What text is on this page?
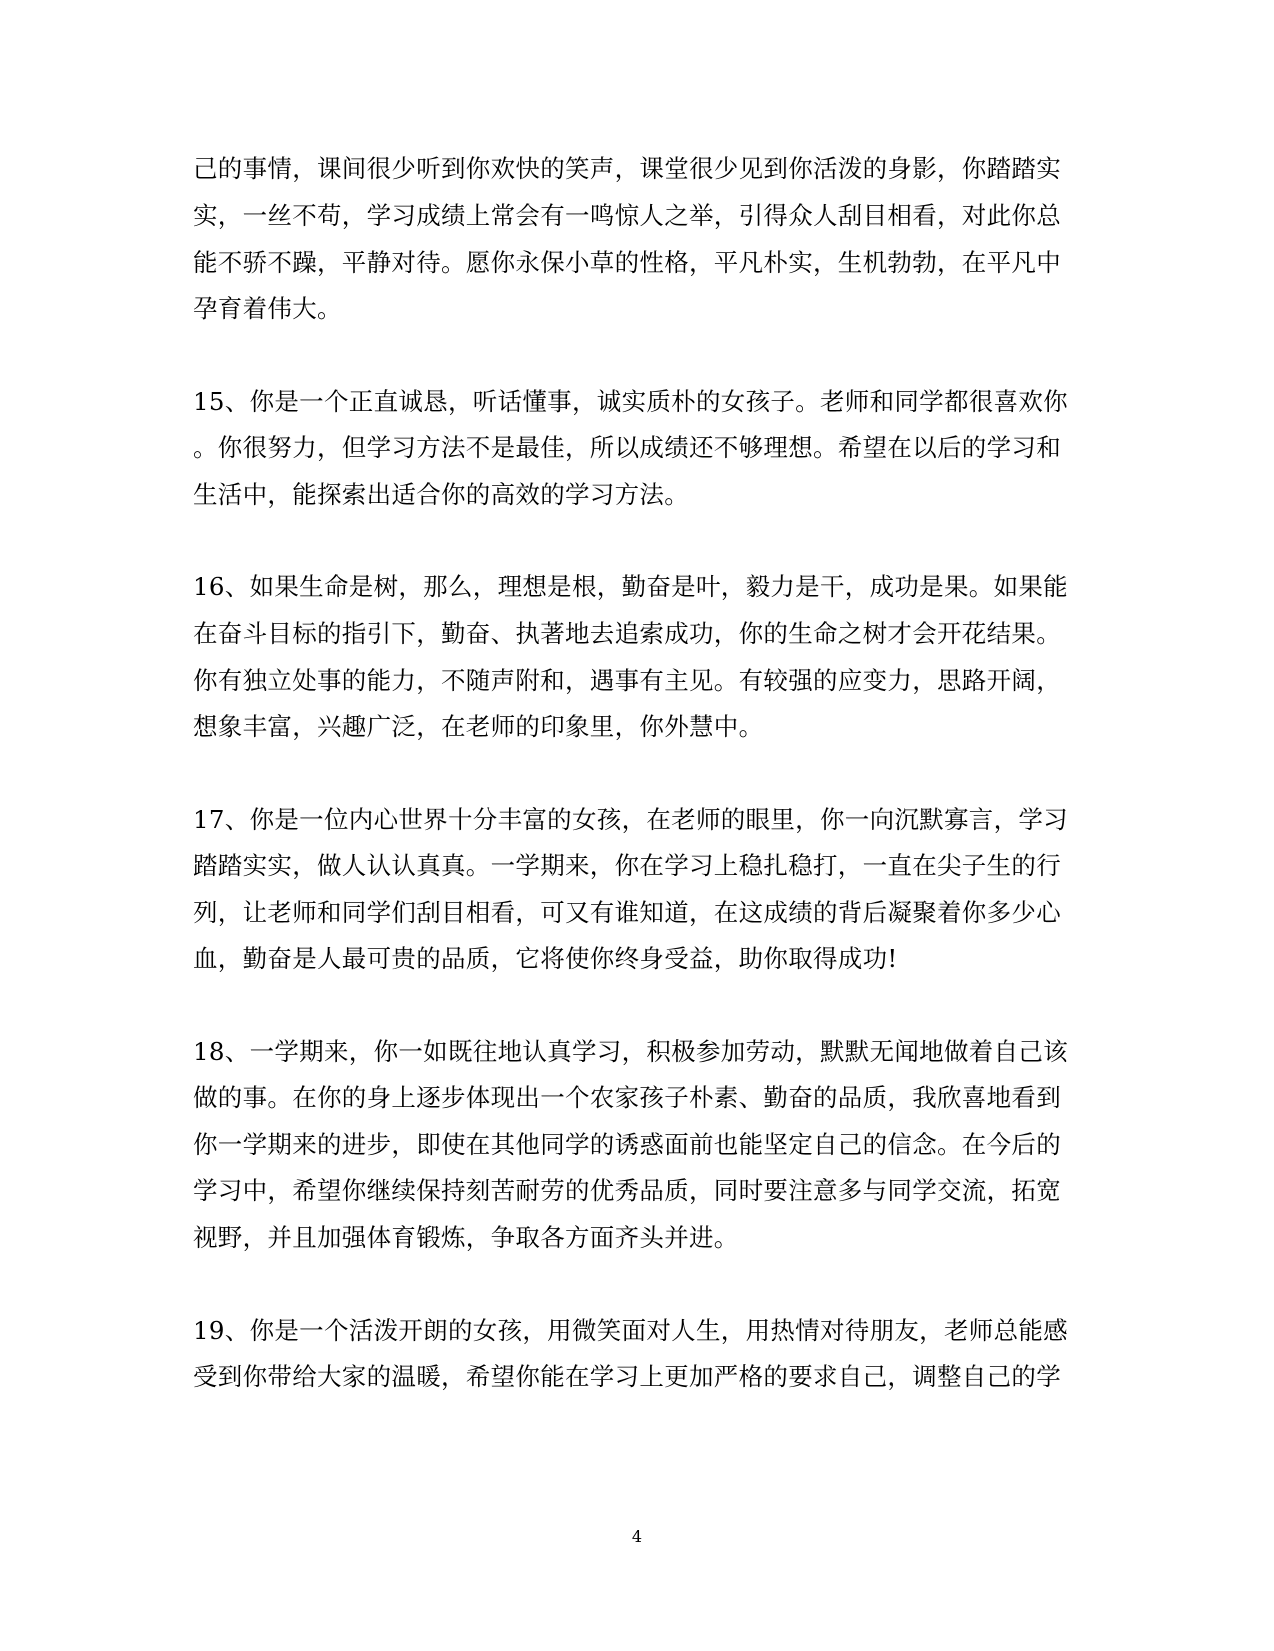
己的事情，课间很少听到你欢快的笑声，课堂很少见到你活泼的身影，你踏踏实
实，一丝不苟，学习成绩上常会有一鸣惊人之举，引得众人刮目相看，对此你总
能不骄不躁，平静对待。愿你永保小草的性格，平凡朴实，生机勃勃，在平凡中
孕育着伟大。
15、你是一个正直诚恳，听话懂事，诚实质朴的女孩子。老师和同学都很喜欢你
。你很努力，但学习方法不是最佳，所以成绩还不够理想。希望在以后的学习和
生活中，能探索出适合你的高效的学习方法。
16、如果生命是树，那么，理想是根，勤奋是叶，毅力是干，成功是果。如果能
在奋斗目标的指引下，勤奋、执著地去追索成功，你的生命之树才会开花结果。
你有独立处事的能力，不随声附和，遇事有主见。有较强的应变力，思路开阔，
想象丰富，兴趣广泛，在老师的印象里，你外慧中。
17、你是一位内心世界十分丰富的女孩，在老师的眼里，你一向沉默寡言，学习
踏踏实实，做人认认真真。一学期来，你在学习上稳扎稳打，一直在尖子生的行
列，让老师和同学们刮目相看，可又有谁知道，在这成绩的背后凝聚着你多少心
血，勤奋是人最可贵的品质，它将使你终身受益，助你取得成功!
18、一学期来，你一如既往地认真学习，积极参加劳动，默默无闻地做着自己该
做的事。在你的身上逐步体现出一个农家孩子朴素、勤奋的品质，我欣喜地看到
你一学期来的进步，即使在其他同学的诱惑面前也能坚定自己的信念。在今后的
学习中，希望你继续保持刻苦耐劳的优秀品质，同时要注意多与同学交流，拓宽
视野，并且加强体育锻炼，争取各方面齐头并进。
19、你是一个活泼开朗的女孩，用微笑面对人生，用热情对待朋友，老师总能感
受到你带给大家的温暖，希望你能在学习上更加严格的要求自己，调整自己的学
4
